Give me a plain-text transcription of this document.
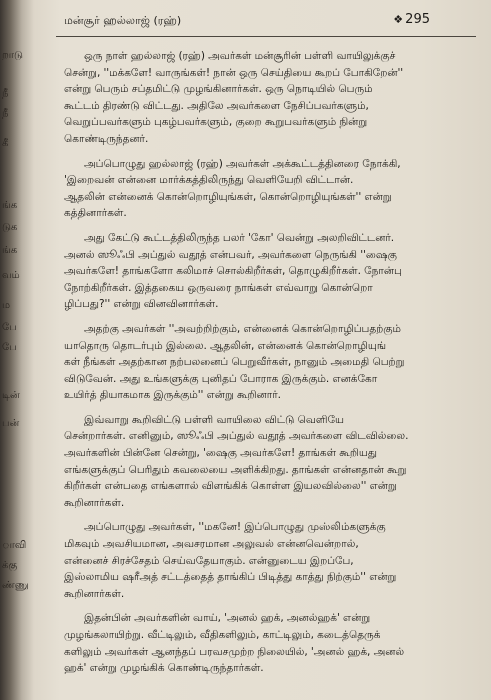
றாடு
நீ
நீ
கீ
ங்க
டுக
ங்க
வம்
ம
பே
பே
டின்
பன்
ாவி
க்கு
ண்ணு
மன்சூர் ஹல்லாஜ் (ரஹ்)	❖ 295

ஒரு நாள் ஹல்லாஜ் (ரஹ்) அவர்கள் மன்சூரின் பள்ளி வாயிலுக்குச்
சென்று, ''மக்களே! வாருங்கள்! நான் ஒரு செய்தியை கூறப் போகிறேன்''
என்று பெரும் சப்தமிட்டு முழங்கினார்கள். ஒரு நொடியில் பெரும்
கூட்டம் திரண்டு விட்டது. அதிலே அவர்களை நேசிப்பவர்களும்,
வெறுப்பவர்களும் புகழ்பவர்களும், குறை கூறுபவர்களும் நின்று
கொண்டிருந்தனர்.

அப்பொழுது ஹல்லாஜ் (ரஹ்) அவர்கள் அக்கூட்டத்தினரை நோக்கி,
'இறைவன் என்னை மார்க்கத்திலிருந்து வெளியேறி விட்டான்.
ஆதலின் என்னைக் கொன்றொழியுங்கள், கொன்றொழியுங்கள்'' என்று
கத்தினார்கள்.

அது கேட்டு கூட்டத்திலிருந்த பலர் 'கோ' வென்று அலறிவிட்டனர்.
அனல் ஸூஃபி அப்துல் வதூத் என்பவர், அவர்களை நெருங்கி ''ஷைகு
அவர்களே! தாங்களோ கலிமாச் சொல்கிறீர்கள், தொழுகிறீர்கள். நோன்பு
நோற்கிறீர்கள். இத்தகைய ஒருவரை நாங்கள் எவ்வாறு கொன்றொ
ழிப்பது?'' என்று வினவினார்கள்.

அதற்கு அவர்கள் ''அவற்றிற்கும், என்னைக் கொன்றொழிப்பதற்கும்
யாதொரு தொடர்பும் இல்லை. ஆதலின், என்னைக் கொன்றொழியுங்
கள் நீங்கள் அதற்கான நற்பலனைப் பெறுவீர்கள், நானும் அமைதி பெற்று
விடுவேன். அது உங்களுக்கு புனிதப் போராக இருக்கும். எனக்கோ
உயிர்த் தியாகமாக இருக்கும்'' என்று கூறினார்.

இவ்வாறு கூறிவிட்டு பள்ளி வாயிலை விட்டு வெளியே
சென்றார்கள். எனினும், ஸூஃபி அப்துல் வதூத் அவர்களை விடவில்லை.
அவர்களின் பின்னே சென்று, 'ஷைகு அவர்களே! தாங்கள் கூறியது
எங்களுக்குப் பெரிதும் கவலையை அளிக்கிறது. தாங்கள் என்னதான் கூறு
கிறீர்கள் என்பதை எங்களால் விளங்கிக் கொள்ள இயலவில்லை'' என்று
கூறினார்கள்.

அப்பொழுது அவர்கள், ''மகனே! இப்பொழுது முஸ்லிம்களுக்கு
மிகவும் அவசியமான, அவசரமான அலுவல் என்னவென்றால்,
என்னைச் சிரச்சேதம் செய்வதேயாகும். என்னுடைய இறப்பே,
இஸ்லாமிய ஷரீஅத் சட்டத்தைத் தாங்கிப் பிடித்து காத்து நிற்கும்'' என்று
கூறினார்கள்.

இதன்பின் அவர்களின் வாய், 'அனல் ஹக், அனல்ஹக்' என்று
முழங்கலாயிற்று. வீட்டிலும், வீதிகளிலும், காட்டிலும், கடைத்தெருக்
களிலும் அவர்கள் ஆனந்தப் பரவசமுற்ற நிலையில், 'அனல் ஹக், அனல்
ஹக்' என்று முழங்கிக் கொண்டிருந்தார்கள்.
